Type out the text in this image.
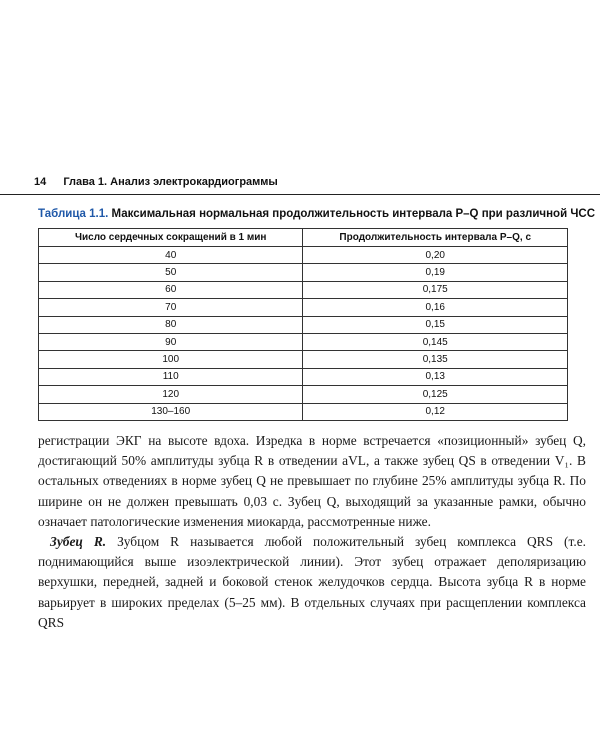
14 Глава 1. Анализ электрокардиограммы
Таблица 1.1. Максимальная нормальная продолжительность интервала P–Q при различной ЧСС
Число сердечных сокращений в 1 мин	Продолжительность интервала P–Q, с
40	0,20
50	0,19
60	0,175
70	0,16
80	0,15
90	0,145
100	0,135
110	0,13
120	0,125
130–160	0,12

регистрации ЭКГ на высоте вдоха. Изредка в норме встречается «позиционный» зубец Q, достигающий 50% амплитуды зубца R в отведении aVL, а также зубец QS в отведении V₁. В остальных отведениях в норме зубец Q не превышает по глубине 25% амплитуды зубца R. По ширине он не должен превышать 0,03 с. Зубец Q, выходящий за указанные рамки, обычно означает патологические изменения миокарда, рассмотренные ниже.

Зубец R. Зубцом R называется любой положительный зубец комплекса QRS (т.е. поднимающийся выше изоэлектрической линии). Этот зубец отражает деполяризацию верхушки, передней, задней и боковой стенок желудочков сердца. Высота зубца R в норме варьирует в широких пределах (5–25 мм). В отдельных случаях при расщеплении комплекса QRS
